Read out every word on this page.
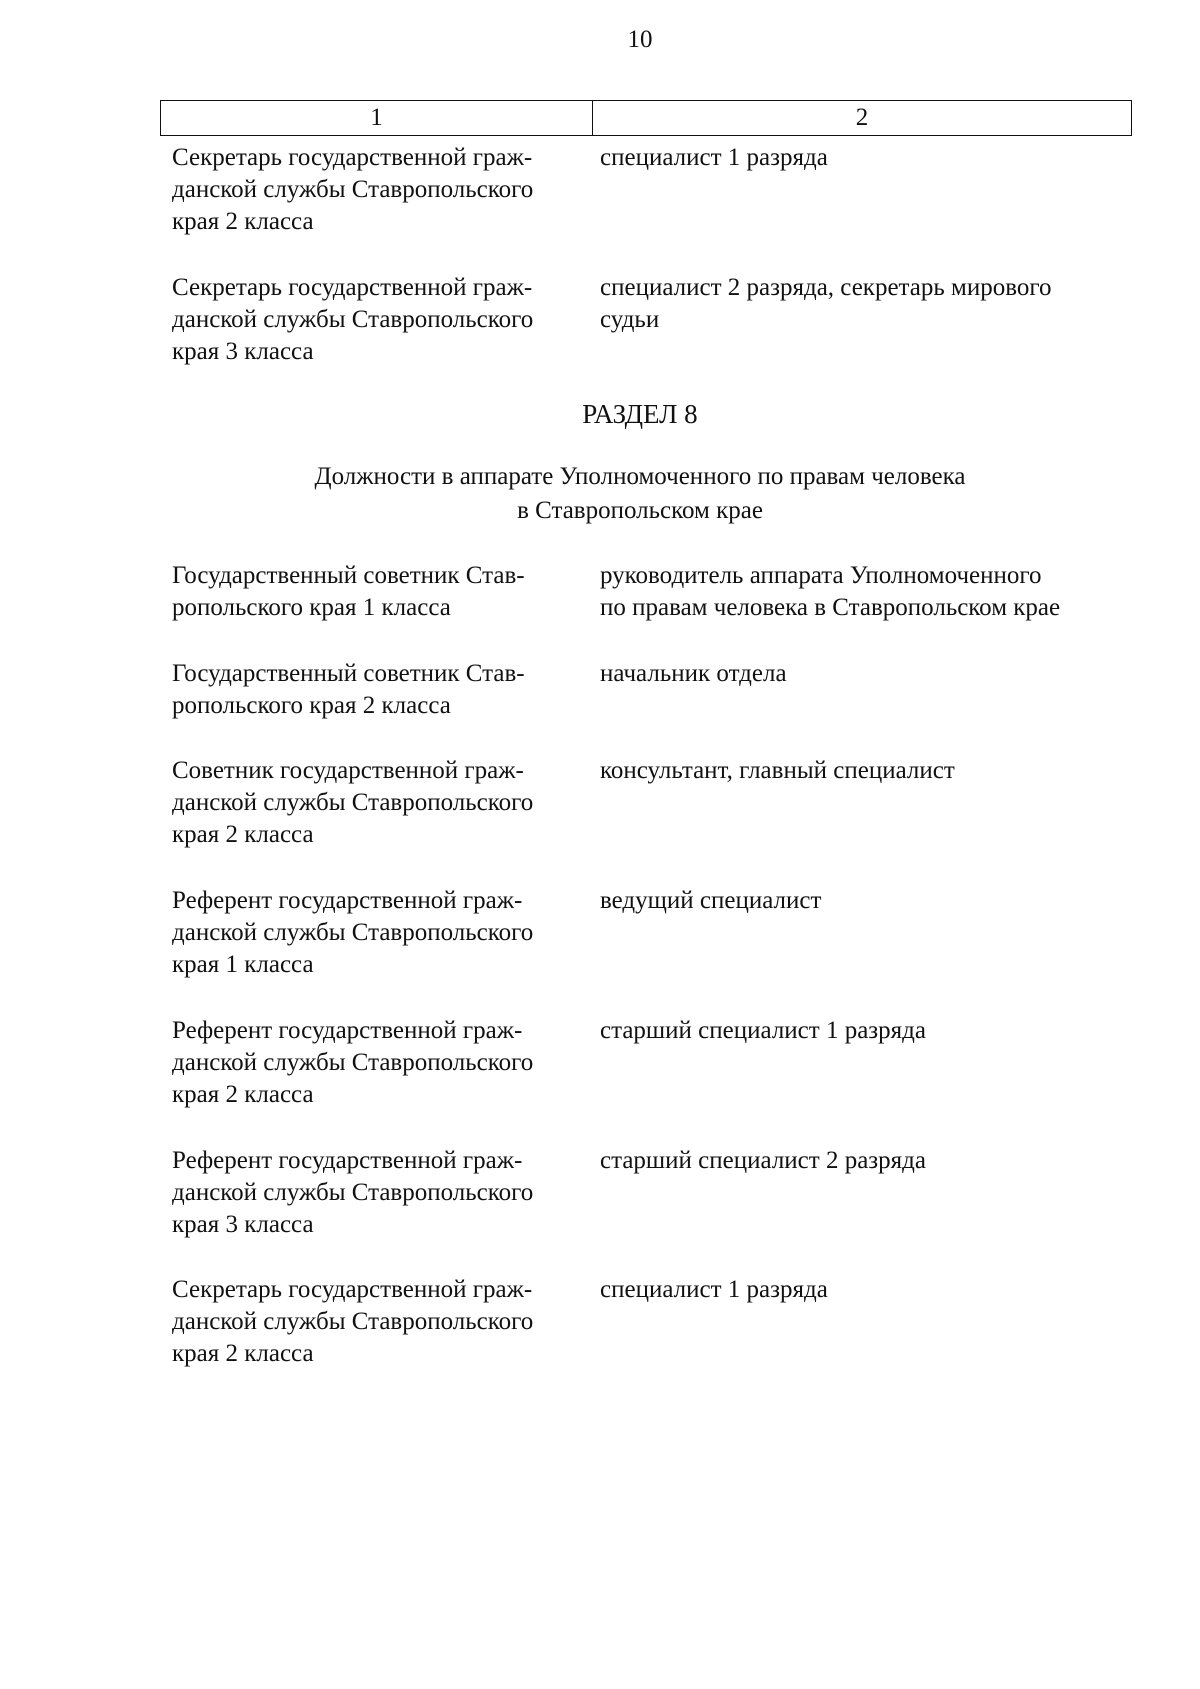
10
1	2
Секретарь государственной граж-
данской службы Ставропольского
края 2 класса
специалист 1 разряда
Секретарь государственной граж-
данской службы Ставропольского
края 3 класса
специалист 2 разряда, секретарь мирового
судьи
РАЗДЕЛ 8
Должности в аппарате Уполномоченного по правам человека
в Ставропольском крае
Государственный советник Став-
ропольского края 1 класса
руководитель аппарата Уполномоченного
по правам человека в Ставропольском крае
Государственный советник Став-
ропольского края 2 класса
начальник отдела
Советник государственной граж-
данской службы Ставропольского
края 2 класса
консультант, главный специалист
Референт государственной граж-
данской службы Ставропольского
края 1 класса
ведущий специалист
Референт государственной граж-
данской службы Ставропольского
края 2 класса
старший специалист 1 разряда
Референт государственной граж-
данской службы Ставропольского
края 3 класса
старший специалист 2 разряда
Секретарь государственной граж-
данской службы Ставропольского
края 2 класса
специалист 1 разряда
